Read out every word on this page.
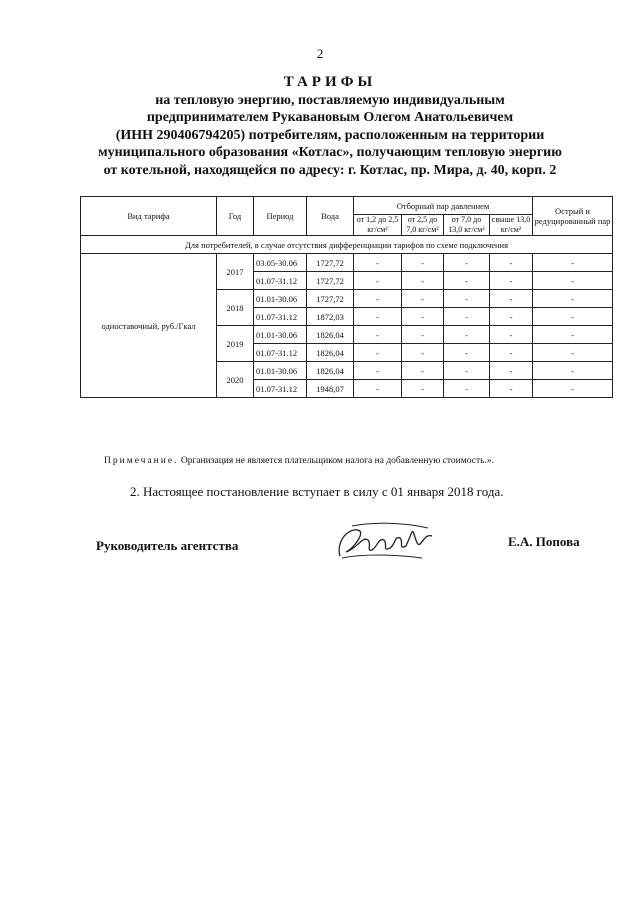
2
ТАРИФЫ
на тепловую энергию, поставляемую индивидуальным
предпринимателем Рукавановым Олегом Анатольевичем
(ИНН 290406794205) потребителям, расположенным на территории
муниципального образования «Котлас», получающим тепловую энергию
от котельной, находящейся по адресу: г. Котлас, пр. Мира, д. 40, корп. 2
Вид тарифа	Год	Период	Вода	Отборный пар давлением				Острый и редуцированный пар
				от 1,2 до 2,5 кг/см²	от 2,5 до 7,0 кг/см²	от 7,0 до 13,0 кг/см²	свыше 13,0 кг/см²	
Для потребителей, в случае отсутствия дифференциации тарифов по схеме подключения								
одноставочный, руб./Гкал	2017	03.05-30.06	1727,72	-	-	-	-	-
		01.07-31.12	1727,72	-	-	-	-	-
	2018	01.01-30.06	1727,72	-	-	-	-	-
		01.07-31.12	1872,03	-	-	-	-	-
	2019	01.01-30.06	1826,04	-	-	-	-	-
		01.07-31.12	1826,04	-	-	-	-	-
	2020	01.01-30.06	1826,04	-	-	-	-	-
		01.07-31.12	1948,07	-	-	-	-	-
Примечание. Организация не является плательщиком налога на добавленную стоимость.».
2. Настоящее постановление вступает в силу с 01 января 2018 года.
Руководитель агентства	Е.А. Попова
